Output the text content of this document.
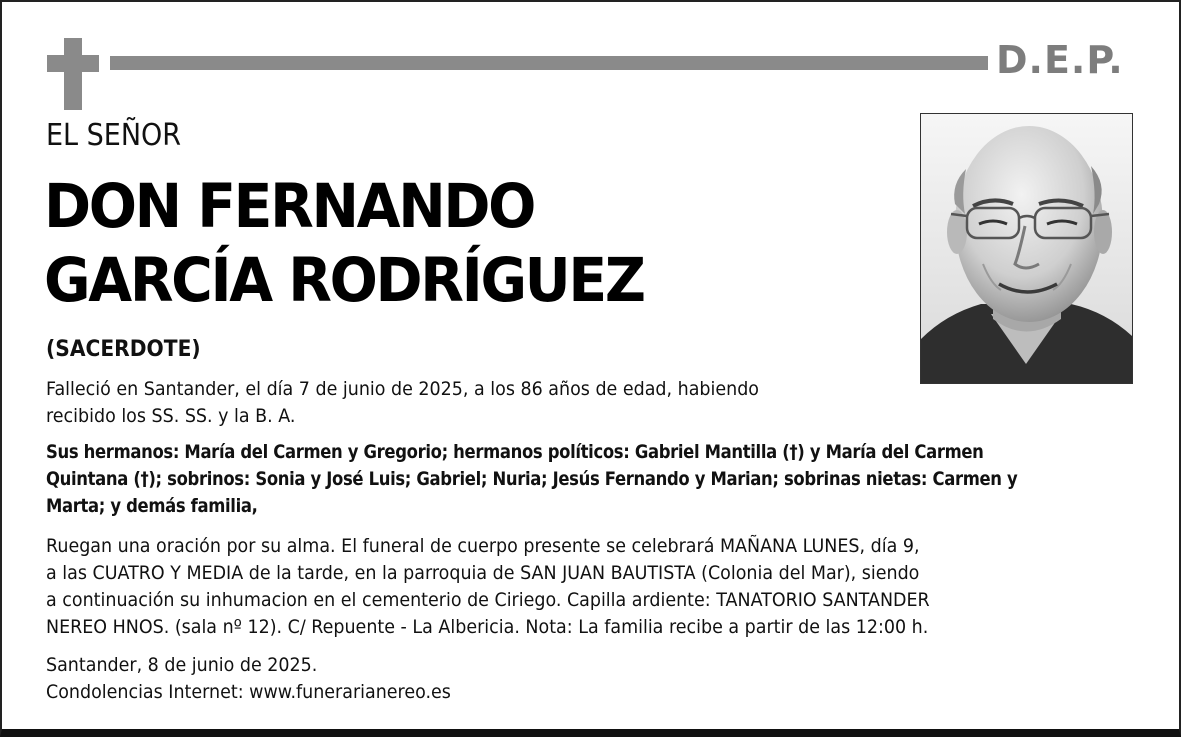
D.E.P.
EL SEÑOR
DON FERNANDO
GARCÍA RODRÍGUEZ
(SACERDOTE)
Falleció en Santander, el día 7 de junio de 2025, a los 86 años de edad, habiendo
recibido los SS. SS. y la B. A.
Sus hermanos: María del Carmen y Gregorio; hermanos políticos: Gabriel Mantilla (†) y María del Carmen
Quintana (†); sobrinos: Sonia y José Luis; Gabriel; Nuria; Jesús Fernando y Marian; sobrinas nietas: Carmen y
Marta; y demás familia,
Ruegan una oración por su alma. El funeral de cuerpo presente se celebrará MAÑANA LUNES, día 9,
a las CUATRO Y MEDIA de la tarde, en la parroquia de SAN JUAN BAUTISTA (Colonia del Mar), siendo
a continuación su inhumacion en el cementerio de Ciriego. Capilla ardiente: TANATORIO SANTANDER
NEREO HNOS. (sala nº 12). C/ Repuente - La Albericia. Nota: La familia recibe a partir de las 12:00 h.
Santander, 8 de junio de 2025.
Condolencias Internet: www.funerarianereo.es
